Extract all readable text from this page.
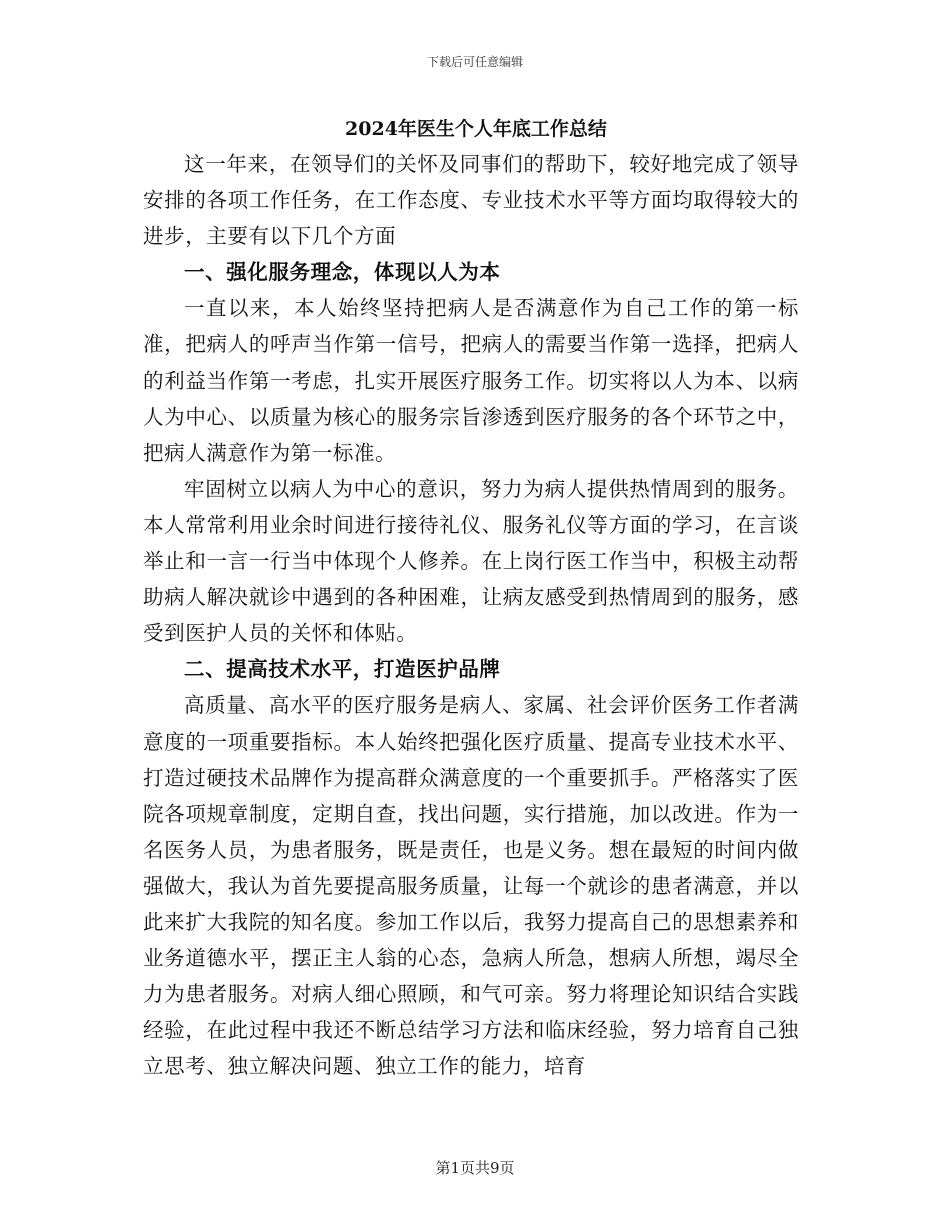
下载后可任意编辑
2024年医生个人年底工作总结

这一年来，在领导们的关怀及同事们的帮助下，较好地完成了领导安排的各项工作任务，在工作态度、专业技术水平等方面均取得较大的进步，主要有以下几个方面

一、强化服务理念，体现以人为本

一直以来，本人始终坚持把病人是否满意作为自己工作的第一标准，把病人的呼声当作第一信号，把病人的需要当作第一选择，把病人的利益当作第一考虑，扎实开展医疗服务工作。切实将以人为本、以病人为中心、以质量为核心的服务宗旨渗透到医疗服务的各个环节之中，把病人满意作为第一标准。

牢固树立以病人为中心的意识，努力为病人提供热情周到的服务。本人常常利用业余时间进行接待礼仪、服务礼仪等方面的学习，在言谈举止和一言一行当中体现个人修养。在上岗行医工作当中，积极主动帮助病人解决就诊中遇到的各种困难，让病友感受到热情周到的服务，感受到医护人员的关怀和体贴。

二、提高技术水平，打造医护品牌

高质量、高水平的医疗服务是病人、家属、社会评价医务工作者满意度的一项重要指标。本人始终把强化医疗质量、提高专业技术水平、打造过硬技术品牌作为提高群众满意度的一个重要抓手。严格落实了医院各项规章制度，定期自查，找出问题，实行措施，加以改进。作为一名医务人员，为患者服务，既是责任，也是义务。想在最短的时间内做强做大，我认为首先要提高服务质量，让每一个就诊的患者满意，并以此来扩大我院的知名度。参加工作以后，我努力提高自己的思想素养和业务道德水平，摆正主人翁的心态，急病人所急，想病人所想，竭尽全力为患者服务。对病人细心照顾，和气可亲。努力将理论知识结合实践经验，在此过程中我还不断总结学习方法和临床经验，努力培育自己独立思考、独立解决问题、独立工作的能力，培育

第1页共9页
